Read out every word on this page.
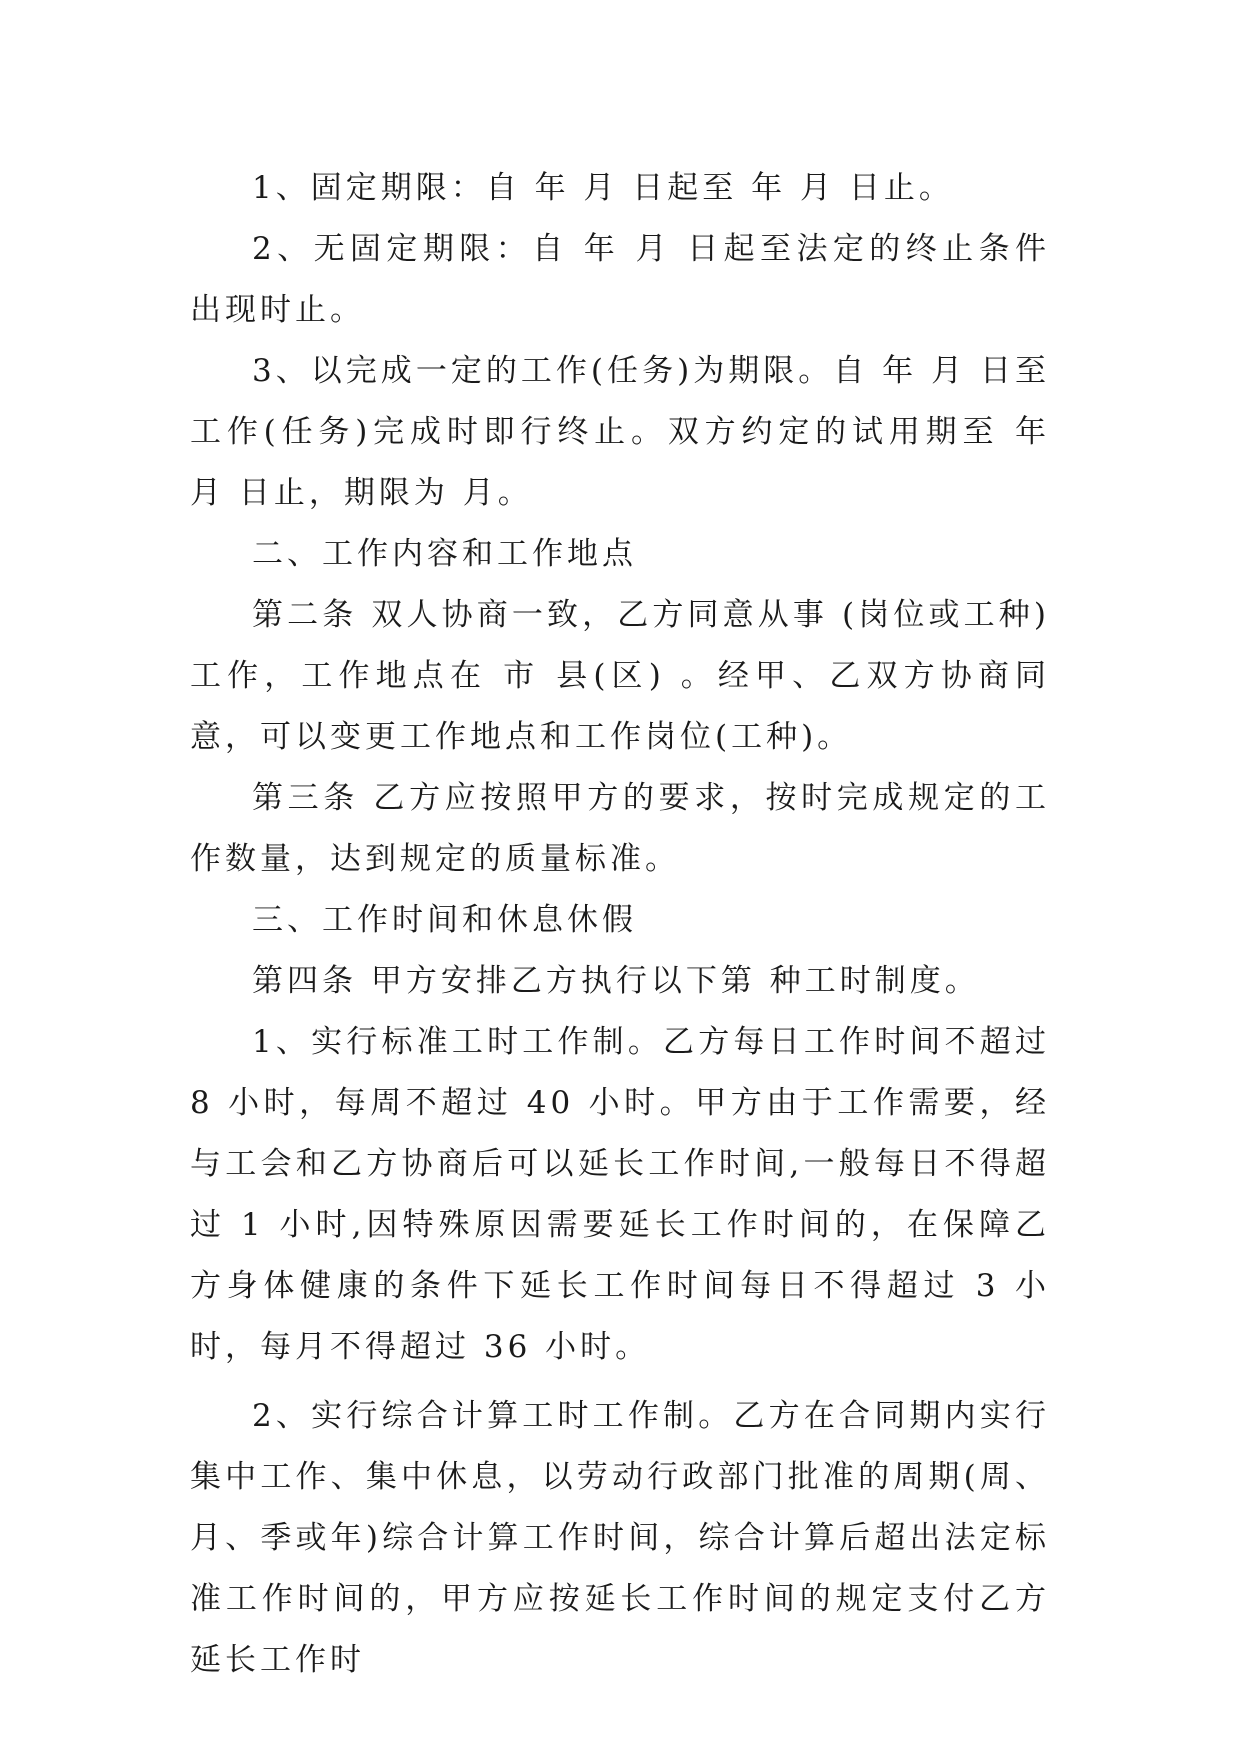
1、固定期限：自 年 月 日起至 年 月 日止。

2、无固定期限：自 年 月 日起至法定的终止条件出现时止。

3、以完成一定的工作(任务)为期限。自 年 月 日至工作(任务)完成时即行终止。双方约定的试用期至 年 月 日止，期限为 月。

二、工作内容和工作地点

第二条 双人协商一致，乙方同意从事 (岗位或工种)工作，工作地点在 市 县(区) 。经甲、乙双方协商同意，可以变更工作地点和工作岗位(工种)。

第三条 乙方应按照甲方的要求，按时完成规定的工作数量，达到规定的质量标准。

三、工作时间和休息休假

第四条 甲方安排乙方执行以下第 种工时制度。

1、实行标准工时工作制。乙方每日工作时间不超过 8 小时，每周不超过 40 小时。甲方由于工作需要，经与工会和乙方协商后可以延长工作时间,一般每日不得超过 1 小时,因特殊原因需要延长工作时间的，在保障乙方身体健康的条件下延长工作时间每日不得超过 3 小时，每月不得超过 36 小时。

2、实行综合计算工时工作制。乙方在合同期内实行集中工作、集中休息，以劳动行政部门批准的周期(周、月、季或年)综合计算工作时间，综合计算后超出法定标准工作时间的，甲方应按延长工作时间的规定支付乙方延长工作时
